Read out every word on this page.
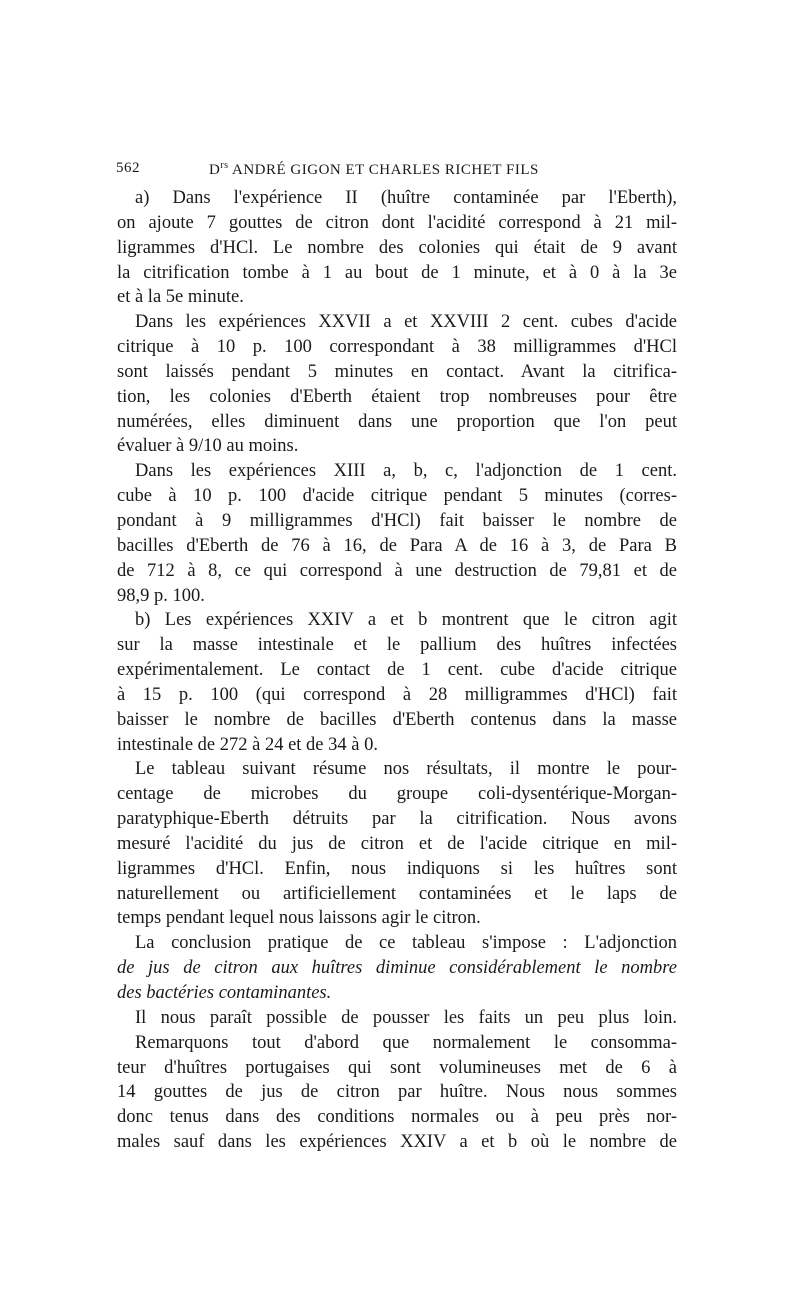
562	$D^{rs}$ ANDRÉ GIGON ET CHARLES RICHET FILS
a) Dans l'expérience II (huître contaminée par l'Eberth),
on ajoute 7 gouttes de citron dont l'acidité correspond à 21 mil-
ligrammes d'HCl. Le nombre des colonies qui était de 9 avant
la citrification tombe à 1 au bout de 1 minute, et à 0 à la 3e
et à la 5e minute.
Dans les expériences XXVII a et XXVIII 2 cent. cubes d'acide
citrique à 10 p. 100 correspondant à 38 milligrammes d'HCl
sont laissés pendant 5 minutes en contact. Avant la citrifica-
tion, les colonies d'Eberth étaient trop nombreuses pour être
numérées, elles diminuent dans une proportion que l'on peut
évaluer à 9/10 au moins.
Dans les expériences XIII a, b, c, l'adjonction de 1 cent.
cube à 10 p. 100 d'acide citrique pendant 5 minutes (corres-
pondant à 9 milligrammes d'HCl) fait baisser le nombre de
bacilles d'Eberth de 76 à 16, de Para A de 16 à 3, de Para B
de 712 à 8, ce qui correspond à une destruction de 79,81 et de
98,9 p. 100.
b) Les expériences XXIV a et b montrent que le citron agit
sur la masse intestinale et le pallium des huîtres infectées
expérimentalement. Le contact de 1 cent. cube d'acide citrique
à 15 p. 100 (qui correspond à 28 milligrammes d'HCl) fait
baisser le nombre de bacilles d'Eberth contenus dans la masse
intestinale de 272 à 24 et de 34 à 0.
Le tableau suivant résume nos résultats, il montre le pour-
centage de microbes du groupe coli-dysentérique-Morgan-
paratyphique-Eberth détruits par la citrification. Nous avons
mesuré l'acidité du jus de citron et de l'acide citrique en mil-
ligrammes d'HCl. Enfin, nous indiquons si les huîtres sont
naturellement ou artificiellement contaminées et le laps de
temps pendant lequel nous laissons agir le citron.
La conclusion pratique de ce tableau s'impose : L'adjonction
de jus de citron aux huîtres diminue considérablement le nombre
des bactéries contaminantes.
Il nous paraît possible de pousser les faits un peu plus loin.
Remarquons tout d'abord que normalement le consomma-
teur d'huîtres portugaises qui sont volumineuses met de 6 à
14 gouttes de jus de citron par huître. Nous nous sommes
donc tenus dans des conditions normales ou à peu près nor-
males sauf dans les expériences XXIV a et b où le nombre de
